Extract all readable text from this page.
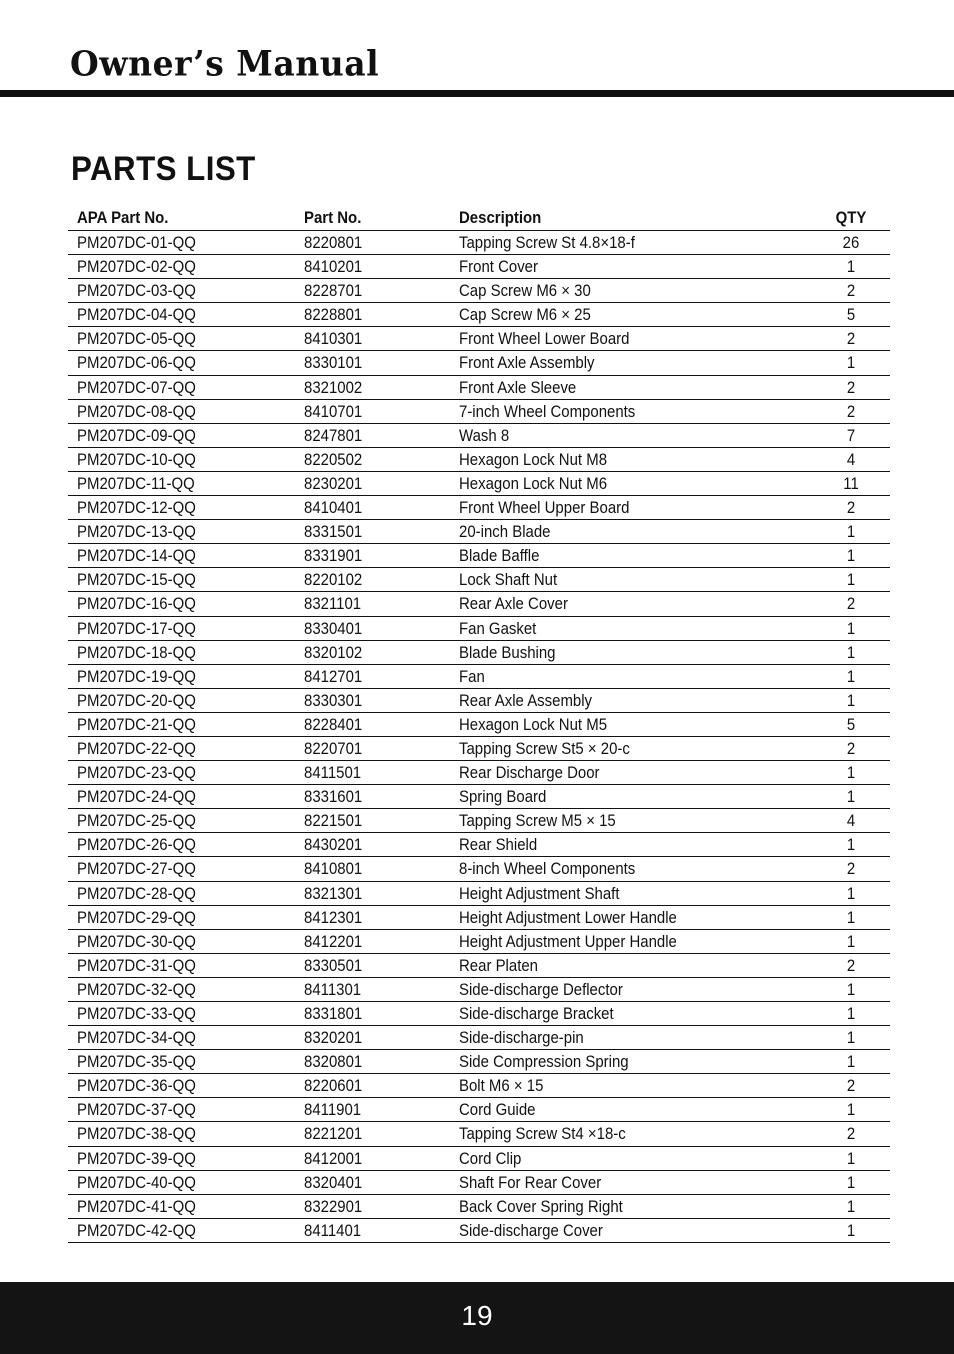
Owner’s Manual
PARTS LIST
APA Part No.	Part No.	Description	QTY
PM207DC-01-QQ	8220801	Tapping Screw St 4.8×18-f	26
PM207DC-02-QQ	8410201	Front Cover	1
PM207DC-03-QQ	8228701	Cap Screw M6 × 30	2
PM207DC-04-QQ	8228801	Cap Screw M6 × 25	5
PM207DC-05-QQ	8410301	Front Wheel Lower Board	2
PM207DC-06-QQ	8330101	Front Axle Assembly	1
PM207DC-07-QQ	8321002	Front Axle Sleeve	2
PM207DC-08-QQ	8410701	7-inch Wheel Components	2
PM207DC-09-QQ	8247801	Wash 8	7
PM207DC-10-QQ	8220502	Hexagon Lock Nut M8	4
PM207DC-11-QQ	8230201	Hexagon Lock Nut M6	11
PM207DC-12-QQ	8410401	Front Wheel Upper Board	2
PM207DC-13-QQ	8331501	20-inch Blade	1
PM207DC-14-QQ	8331901	Blade Baffle	1
PM207DC-15-QQ	8220102	Lock Shaft Nut	1
PM207DC-16-QQ	8321101	Rear Axle Cover	2
PM207DC-17-QQ	8330401	Fan Gasket	1
PM207DC-18-QQ	8320102	Blade Bushing	1
PM207DC-19-QQ	8412701	Fan	1
PM207DC-20-QQ	8330301	Rear Axle Assembly	1
PM207DC-21-QQ	8228401	Hexagon Lock Nut M5	5
PM207DC-22-QQ	8220701	Tapping Screw St5 × 20-c	2
PM207DC-23-QQ	8411501	Rear Discharge Door	1
PM207DC-24-QQ	8331601	Spring Board	1
PM207DC-25-QQ	8221501	Tapping Screw M5 × 15	4
PM207DC-26-QQ	8430201	Rear Shield	1
PM207DC-27-QQ	8410801	8-inch Wheel Components	2
PM207DC-28-QQ	8321301	Height Adjustment Shaft	1
PM207DC-29-QQ	8412301	Height Adjustment Lower Handle	1
PM207DC-30-QQ	8412201	Height Adjustment Upper Handle	1
PM207DC-31-QQ	8330501	Rear Platen	2
PM207DC-32-QQ	8411301	Side-discharge Deflector	1
PM207DC-33-QQ	8331801	Side-discharge Bracket	1
PM207DC-34-QQ	8320201	Side-discharge-pin	1
PM207DC-35-QQ	8320801	Side Compression Spring	1
PM207DC-36-QQ	8220601	Bolt M6 × 15	2
PM207DC-37-QQ	8411901	Cord Guide	1
PM207DC-38-QQ	8221201	Tapping Screw St4 ×18-c	2
PM207DC-39-QQ	8412001	Cord Clip	1
PM207DC-40-QQ	8320401	Shaft For Rear Cover	1
PM207DC-41-QQ	8322901	Back Cover Spring Right	1
PM207DC-42-QQ	8411401	Side-discharge Cover	1
19
